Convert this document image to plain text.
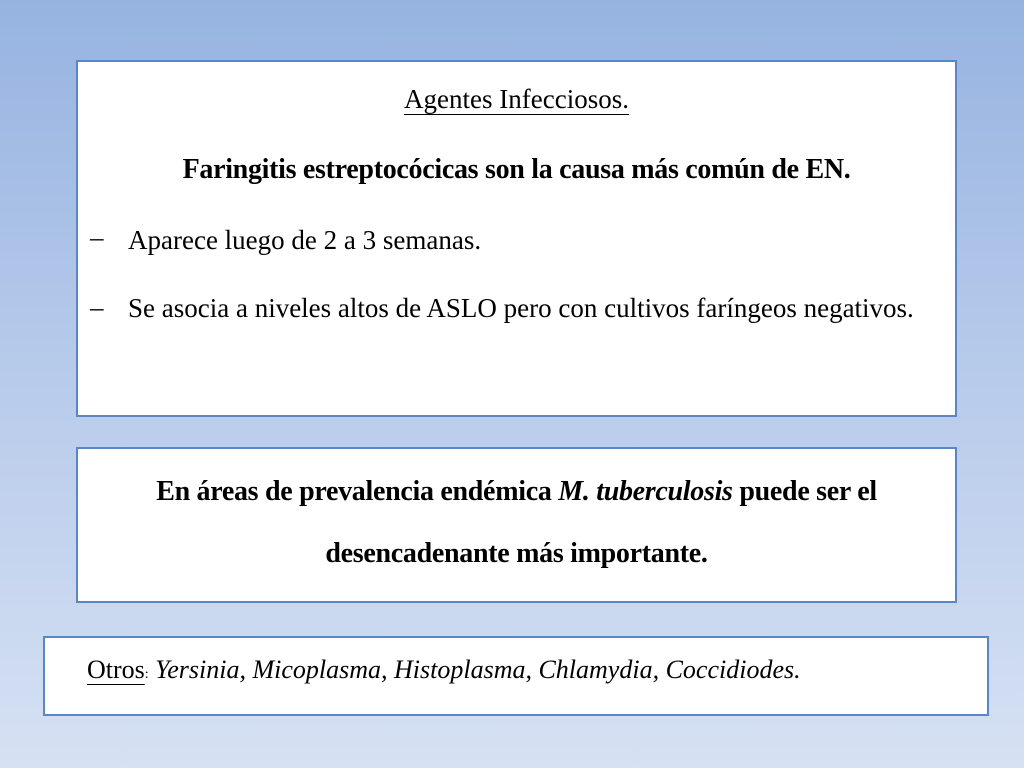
Agentes Infecciosos.
Faringitis estreptocócicas son la causa más común de EN.
– Aparece luego de 2 a 3 semanas.
– Se asocia a niveles altos de ASLO pero con cultivos faríngeos negativos.
En áreas de prevalencia endémica M. tuberculosis puede ser el desencadenante más importante.
Otros: Yersinia, Micoplasma, Histoplasma, Chlamydia, Coccidiodes.
